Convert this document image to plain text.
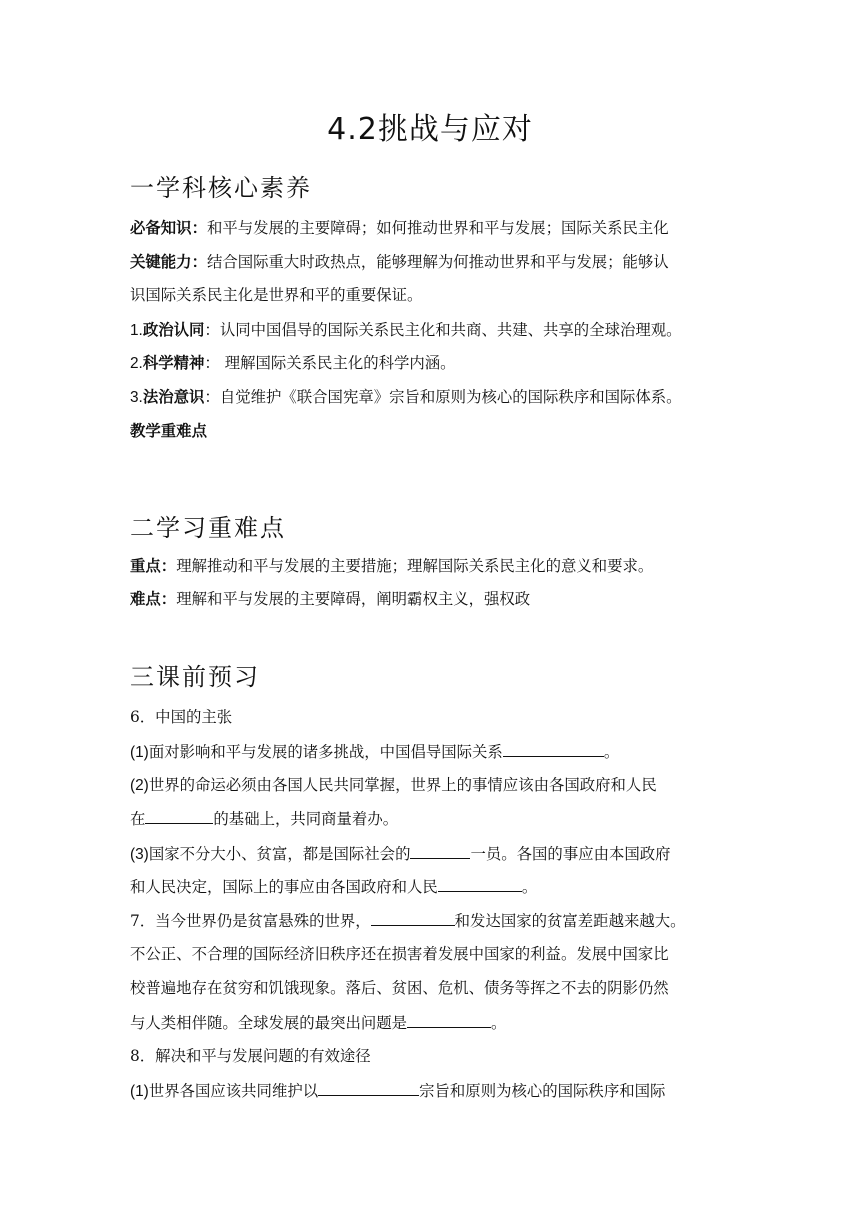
4.2挑战与应对
一学科核心素养
必备知识：和平与发展的主要障碍；如何推动世界和平与发展；国际关系民主化
关键能力：结合国际重大时政热点，能够理解为何推动世界和平与发展；能够认
识国际关系民主化是世界和平的重要保证。
1.政治认同：认同中国倡导的国际关系民主化和共商、共建、共享的全球治理观。
2.科学精神： 理解国际关系民主化的科学内涵。
3.法治意识：自觉维护《联合国宪章》宗旨和原则为核心的国际秩序和国际体系。
教学重难点
二学习重难点
重点：理解推动和平与发展的主要措施；理解国际关系民主化的意义和要求。
难点：理解和平与发展的主要障碍，阐明霸权主义，强权政
三课前预习
6．中国的主张
(1)面对影响和平与发展的诸多挑战，中国倡导国际关系	。
(2)世界的命运必须由各国人民共同掌握，世界上的事情应该由各国政府和人民
在	的基础上，共同商量着办。
(3)国家不分大小、贫富，都是国际社会的	一员。各国的事应由本国政府
和人民决定，国际上的事应由各国政府和人民	。
7．当今世界仍是贫富悬殊的世界，	和发达国家的贫富差距越来越大。
不公正、不合理的国际经济旧秩序还在损害着发展中国家的利益。发展中国家比
校普遍地存在贫穷和饥饿现象。落后、贫困、危机、债务等挥之不去的阴影仍然
与人类相伴随。全球发展的最突出问题是	。
8．解决和平与发展问题的有效途径
(1)世界各国应该共同维护以	宗旨和原则为核心的国际秩序和国际
